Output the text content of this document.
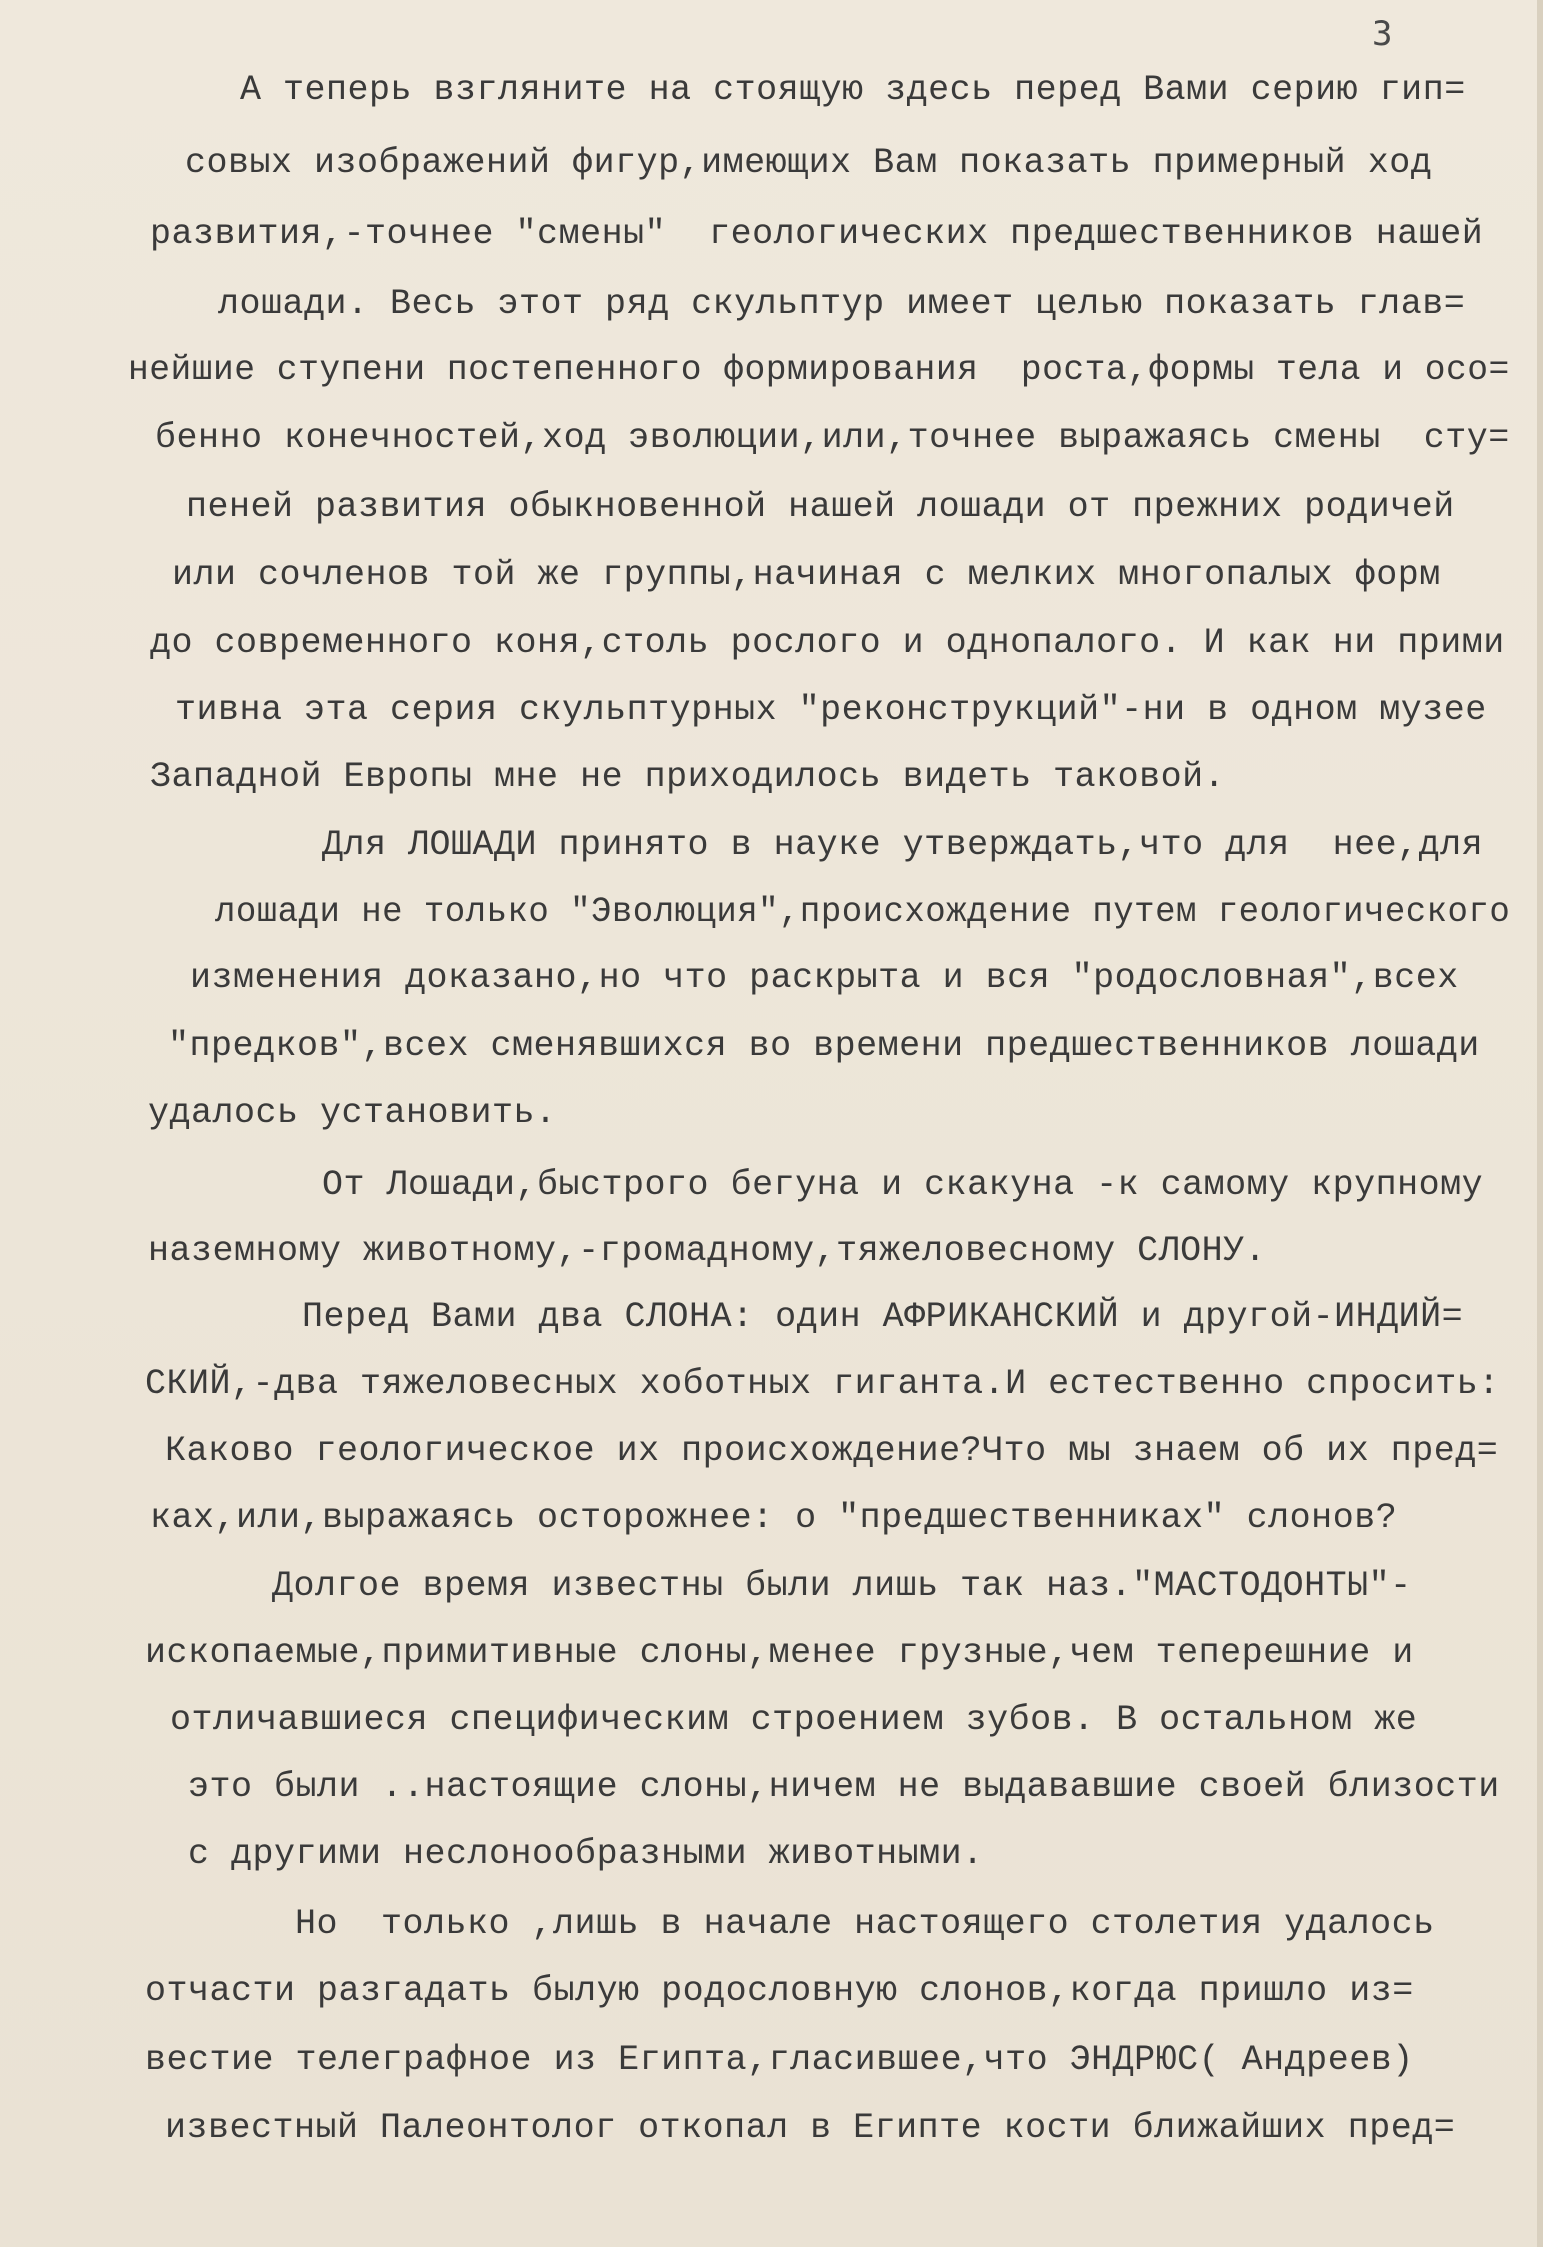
3
А теперь взгляните на стоящую здесь перед Вами серию гип=
совых изображений фигур,имеющих Вам показать примерный ход
развития,-точнее "смены"  геологических предшественников нашей
лошади. Весь этот ряд скульптур имеет целью показать глав=
нейшие ступени постепенного формирования  роста,формы тела и осо=
бенно конечностей,ход эволюции,или,точнее выражаясь смены  сту=
пеней развития обыкновенной нашей лошади от прежних родичей
или сочленов той же группы,начиная с мелких многопалых форм
до современного коня,столь рослого и однопалого. И как ни прими
тивна эта серия скульптурных "реконструкций"-ни в одном музее
Западной Европы мне не приходилось видеть таковой.
Для ЛОШАДИ принято в науке утверждать,что для  нее,для
лошади не только "Эволюция",происхождение путем геологического
изменения доказано,но что раскрыта и вся "родословная",всех
"предков",всех сменявшихся во времени предшественников лошади
удалось установить.
От Лошади,быстрого бегуна и скакуна -к самому крупному
наземному животному,-громадному,тяжеловесному СЛОНУ.
Перед Вами два СЛОНА: один АФРИКАНСКИЙ и другой-ИНДИЙ=
СКИЙ,-два тяжеловесных хоботных гиганта.И естественно спросить:
Каково геологическое их происхождение?Что мы знаем об их пред=
ках,или,выражаясь осторожнее: о "предшественниках" слонов?
Долгое время известны были лишь так наз."МАСТОДОНТЫ"-
ископаемые,примитивные слоны,менее грузные,чем теперешние и
отличавшиеся специфическим строением зубов. В остальном же
это были ..настоящие слоны,ничем не выдававшие своей близости
с другими неслонообразными животными.
Но  только ,лишь в начале настоящего столетия удалось
отчасти разгадать былую родословную слонов,когда пришло из=
вестие телеграфное из Египта,гласившее,что ЭНДРЮС( Андреев)
известный Палеонтолог откопал в Египте кости ближайших пред=
